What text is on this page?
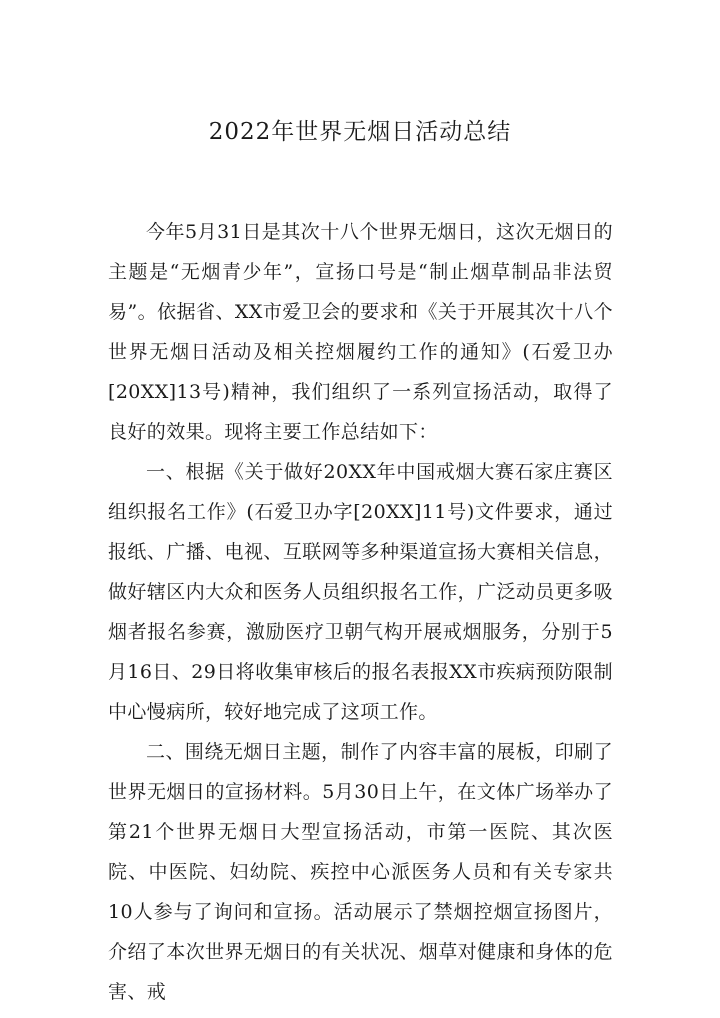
2022年世界无烟日活动总结

今年5月31日是其次十八个世界无烟日，这次无烟日的主题是“无烟青少年”，宣扬口号是“制止烟草制品非法贸易”。依据省、XX市爱卫会的要求和《关于开展其次十八个世界无烟日活动及相关控烟履约工作的通知》(石爱卫办[20XX]13号)精神，我们组织了一系列宣扬活动，取得了良好的效果。现将主要工作总结如下：

一、根据《关于做好20XX年中国戒烟大赛石家庄赛区组织报名工作》(石爱卫办字[20XX]11号)文件要求，通过报纸、广播、电视、互联网等多种渠道宣扬大赛相关信息，做好辖区内大众和医务人员组织报名工作，广泛动员更多吸烟者报名参赛，激励医疗卫朝气构开展戒烟服务，分别于5月16日、29日将收集审核后的报名表报XX市疾病预防限制中心慢病所，较好地完成了这项工作。

二、围绕无烟日主题，制作了内容丰富的展板，印刷了世界无烟日的宣扬材料。5月30日上午，在文体广场举办了第21个世界无烟日大型宣扬活动，市第一医院、其次医院、中医院、妇幼院、疾控中心派医务人员和有关专家共10人参与了询问和宣扬。活动展示了禁烟控烟宣扬图片，介绍了本次世界无烟日的有关状况、烟草对健康和身体的危害、戒
